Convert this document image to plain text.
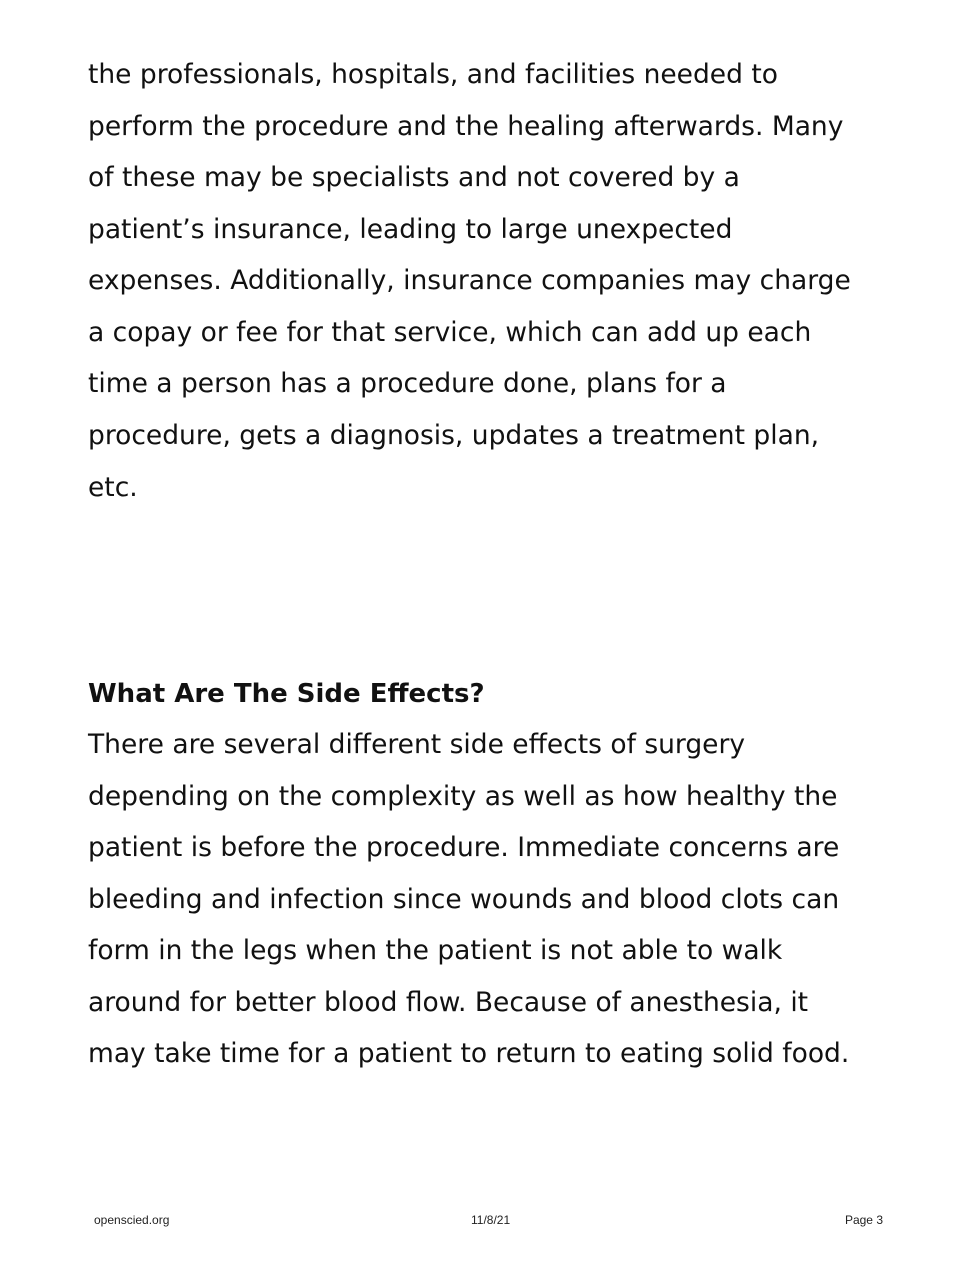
the professionals, hospitals, and facilities needed to
perform the procedure and the healing afterwards. Many
of these may be specialists and not covered by a
patient’s insurance, leading to large unexpected
expenses. Additionally, insurance companies may charge
a copay or fee for that service, which can add up each
time a person has a procedure done, plans for a
procedure, gets a diagnosis, updates a treatment plan,
etc.
What Are The Side Effects?
There are several different side effects of surgery
depending on the complexity as well as how healthy the
patient is before the procedure. Immediate concerns are
bleeding and infection since wounds and blood clots can
form in the legs when the patient is not able to walk
around for better blood flow. Because of anesthesia, it
may take time for a patient to return to eating solid food.
openscied.org	11/8/21	Page 3
